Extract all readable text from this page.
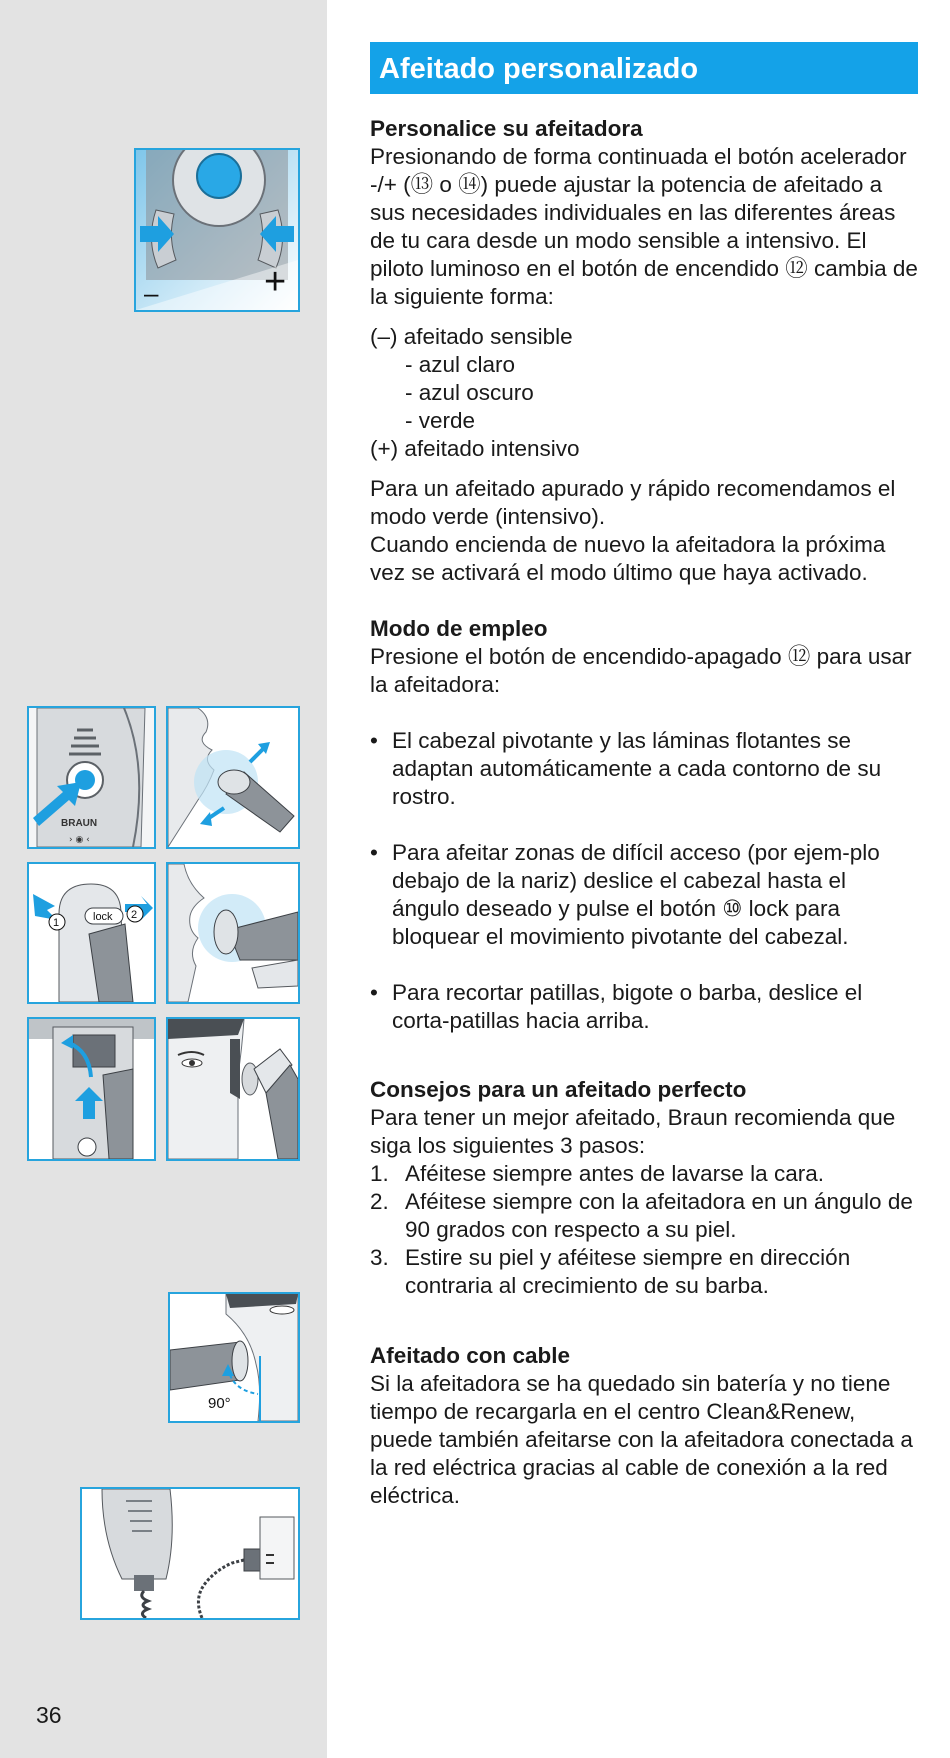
–	+
BRAUN
› ◉ ‹
lock
1
2
90°
36
Afeitado personalizado
Personalice su afeitadora

Presionando de forma continuada el botón acelerador -/+ (⑬ o ⑭) puede ajustar la potencia de afeitado a sus necesidades individuales en las diferentes áreas de tu cara desde un modo sensible a intensivo. El piloto luminoso en el botón de encendido ⑫ cambia de la siguiente forma:

(–) afeitado sensible
- azul claro
- azul oscuro
- verde
(+) afeitado intensivo

Para un afeitado apurado y rápido recomendamos el modo verde (intensivo).

Cuando encienda de nuevo la afeitadora la próxima vez se activará el modo último que haya activado.

Modo de empleo

Presione el botón de encendido-apagado ⑫ para usar la afeitadora:

• El cabezal pivotante y las láminas flotantes se adaptan automáticamente a cada contorno de su rostro.
• Para afeitar zonas de difícil acceso (por ejem-plo debajo de la nariz) deslice el cabezal hasta el ángulo deseado y pulse el botón ⑩ lock para bloquear el movimiento pivotante del cabezal.
• Para recortar patillas, bigote o barba, deslice el corta-patillas hacia arriba.
Consejos para un afeitado perfecto

Para tener un mejor afeitado, Braun recomienda que siga los siguientes 3 pasos:

1. Aféitese siempre antes de lavarse la cara.
2. Aféitese siempre con la afeitadora en un ángulo de 90 grados con respecto a su piel.
3. Estire su piel y aféitese siempre en dirección contraria al crecimiento de su barba.
Afeitado con cable

Si la afeitadora se ha quedado sin batería y no tiene tiempo de recargarla en el centro Clean&Renew, puede también afeitarse con la afeitadora conectada a la red eléctrica gracias al cable de conexión a la red eléctrica.
